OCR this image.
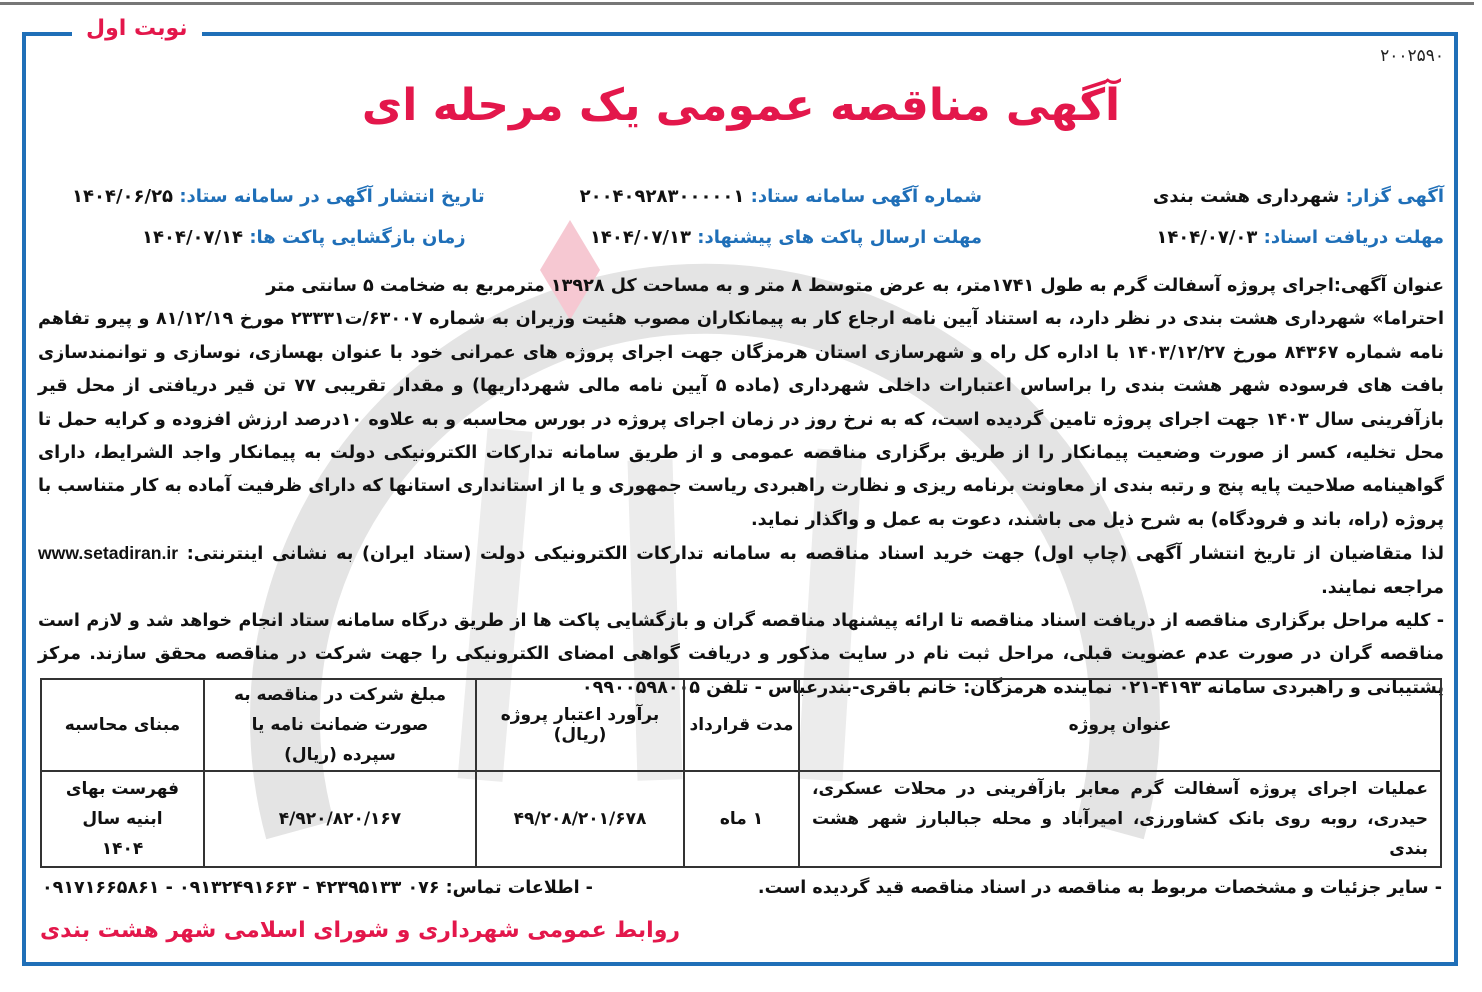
نوبت اول
۲۰۰۲۵۹۰
آگهی مناقصه عمومی یک مرحله ای
آگهی گزار: شهرداری هشت بندی
شماره آگهی سامانه ستاد: ۲۰۰۴۰۹۲۸۳۰۰۰۰۰۱
تاریخ انتشار آگهی در سامانه ستاد: ۱۴۰۴/۰۶/۲۵
مهلت دریافت اسناد: ۱۴۰۴/۰۷/۰۳
مهلت ارسال پاکت های پیشنهاد: ۱۴۰۴/۰۷/۱۳
زمان بازگشایی پاکت ها: ۱۴۰۴/۰۷/۱۴

عنوان آگهی:اجرای پروژه آسفالت گرم به طول ۱۷۴۱متر، به عرض متوسط ۸ متر و به مساحت کل ۱۳۹۲۸ مترمربع به ضخامت ۵ سانتی متر

احتراما» شهرداری هشت بندی در نظر دارد، به استناد آیین نامه ارجاع کار به پیمانکاران مصوب هئیت وزیران به شماره ۶۳۰۰۷/ت۲۳۳۳۱ مورخ ۸۱/۱۲/۱۹ و پیرو تفاهم نامه شماره ۸۴۳۶۷ مورخ ۱۴۰۳/۱۲/۲۷ با اداره کل راه و شهرسازی استان هرمزگان جهت اجرای پروژه های عمرانی خود با عنوان بهسازی، نوسازی و توانمندسازی بافت های فرسوده شهر هشت بندی را براساس اعتبارات داخلی شهرداری (ماده ۵ آیین نامه مالی شهرداریها) و مقدار تقریبی ۷۷ تن قیر دریافتی از محل قیر بازآفرینی سال ۱۴۰۳ جهت اجرای پروژه تامین گردیده است، که به نرخ روز در زمان اجرای پروژه در بورس محاسبه و به علاوه ۱۰درصد ارزش افزوده و کرایه حمل تا محل تخلیه، کسر از صورت وضعیت پیمانکار را از طریق برگزاری مناقصه عمومی و از طریق سامانه تدارکات الکترونیکی دولت به پیمانکار واجد الشرایط، دارای گواهینامه صلاحیت پایه پنج و رتبه بندی از معاونت برنامه ریزی و نظارت راهبردی ریاست جمهوری و یا از استانداری استانها که دارای ظرفیت آماده به کار متناسب با پروژه (راه، باند و فرودگاه) به شرح ذیل می باشند، دعوت به عمل و واگذار نماید.

لذا متقاضیان از تاریخ انتشار آگهی (چاپ اول) جهت خرید اسناد مناقصه به سامانه تدارکات الکترونیکی دولت (ستاد ایران) به نشانی اینترنتی: www.setadiran.ir مراجعه نمایند.

- کلیه مراحل برگزاری مناقصه از دریافت اسناد مناقصه تا ارائه پیشنهاد مناقصه گران و بازگشایی پاکت ها از طریق درگاه سامانه ستاد انجام خواهد شد و لازم است مناقصه گران در صورت عدم عضویت قبلی، مراحل ثبت نام در سایت مذکور و دریافت گواهی امضای الکترونیکی را جهت شرکت در مناقصه محقق سازند. مرکز پشتیبانی و راهبردی سامانه ۴۱۹۳-۰۲۱ نماینده هرمزگان: خانم باقری-بندرعباس - تلفن ۰۹۹۰۰۵۹۸۰۰۵

عنوان پروژه	مدت قرارداد	برآورد اعتبار پروژه (ریال)	مبلغ شرکت در مناقصه به صورت ضمانت نامه یا سپرده (ریال)	مبنای محاسبه
عملیات اجرای پروژه آسفالت گرم معابر بازآفرینی در محلات عسکری، حیدری، روبه روی بانک کشاورزی، امیرآباد و محله جبالبارز شهر هشت بندی	۱ ماه	۴۹/۲۰۸/۲۰۱/۶۷۸	۴/۹۲۰/۸۲۰/۱۶۷	فهرست بهای ابنیه سال ۱۴۰۴
- سایر جزئیات و مشخصات مربوط به مناقصه در اسناد مناقصه قید گردیده است.
- اطلاعات تماس: ۰۷۶ ۴۲۳۹۵۱۳۳ - ۰۹۱۳۲۴۹۱۶۶۳ - ۰۹۱۷۱۶۶۵۸۶۱
روابط عمومی شهرداری و شورای اسلامی شهر هشت بندی
